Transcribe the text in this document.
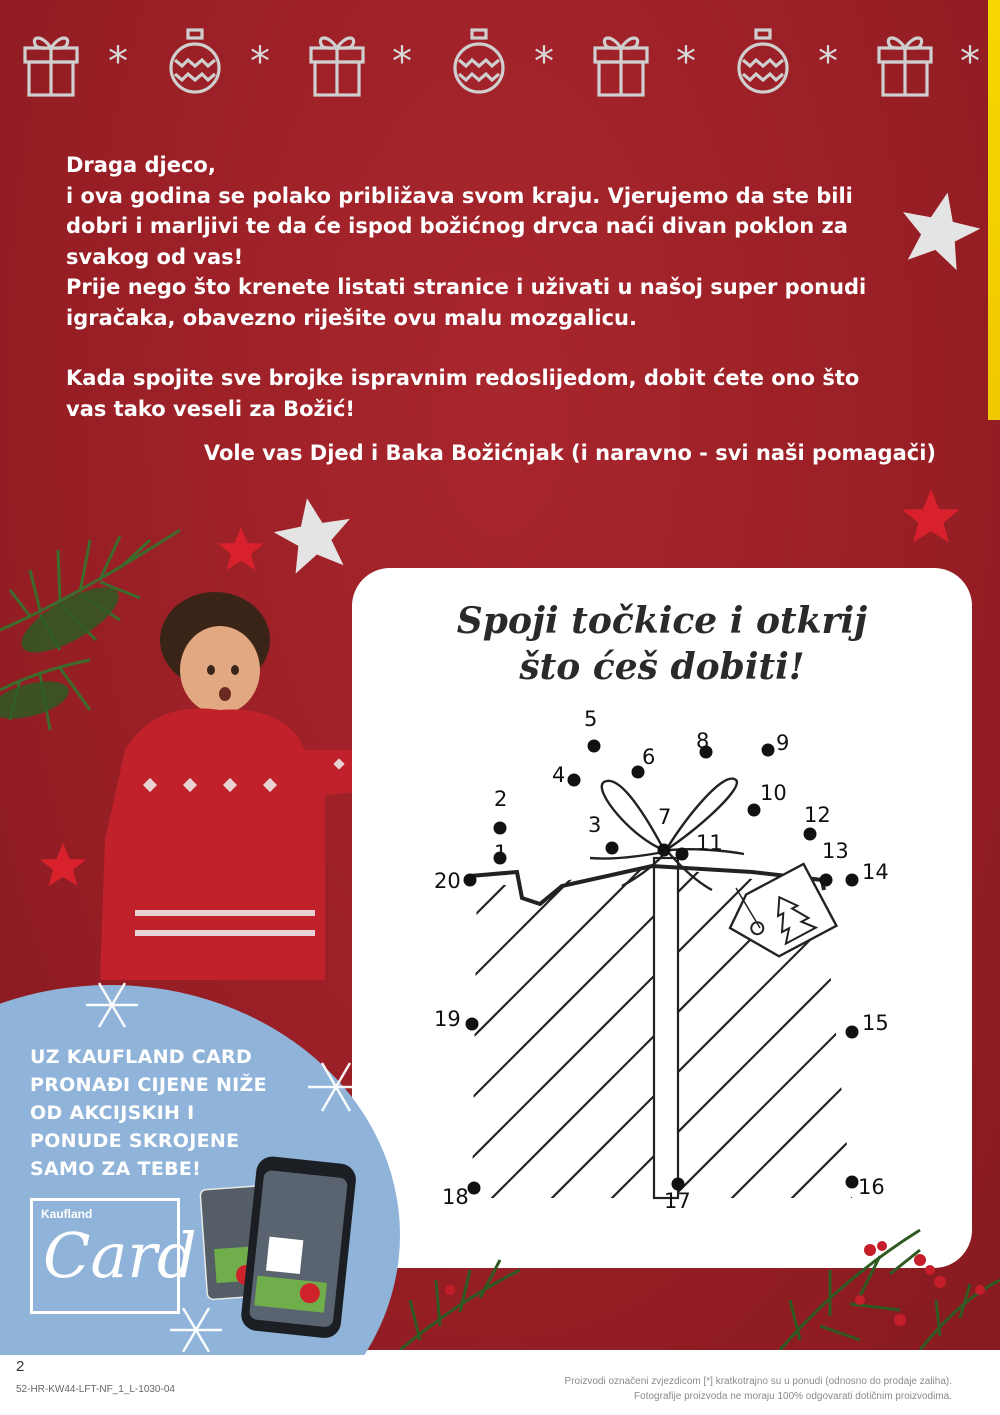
*	*	*	*	*	*	*

Draga djeco,

i ova godina se polako približava svom kraju. Vjerujemo da ste bili

dobri i marljivi te da će ispod božićnog drvca naći divan poklon za

svakog od vas!

Prije nego što krenete listati stranice i uživati u našoj super ponudi

igračaka, obavezno riješite ovu malu mozgalicu.

Kada spojite sve brojke ispravnim redoslijedom, dobit ćete ono što

vas tako veseli za Božić!

Vole vas Djed i Baka Božićnjak (i naravno - svi naši pomagači)

Spoji točkice i otkrij
što ćeš dobiti!
1
2
3
4
5
6
7
8	9
10
11
12
13
14
15
16
17
18
19
20
UZ KAUFLAND CARD
PRONAĐI CIJENE NIŽE
OD AKCIJSKIH I
PONUDE SKROJENE
SAMO ZA TEBE!
Kaufland
Card
2
52-HR-KW44-LFT-NF_1_L-1030-04
Proizvodi označeni zvjezdicom [*] kratkotrajno su u ponudi (odnosno do prodaje zaliha).
Fotografije proizvoda ne moraju 100% odgovarati dotičnim proizvodima.
